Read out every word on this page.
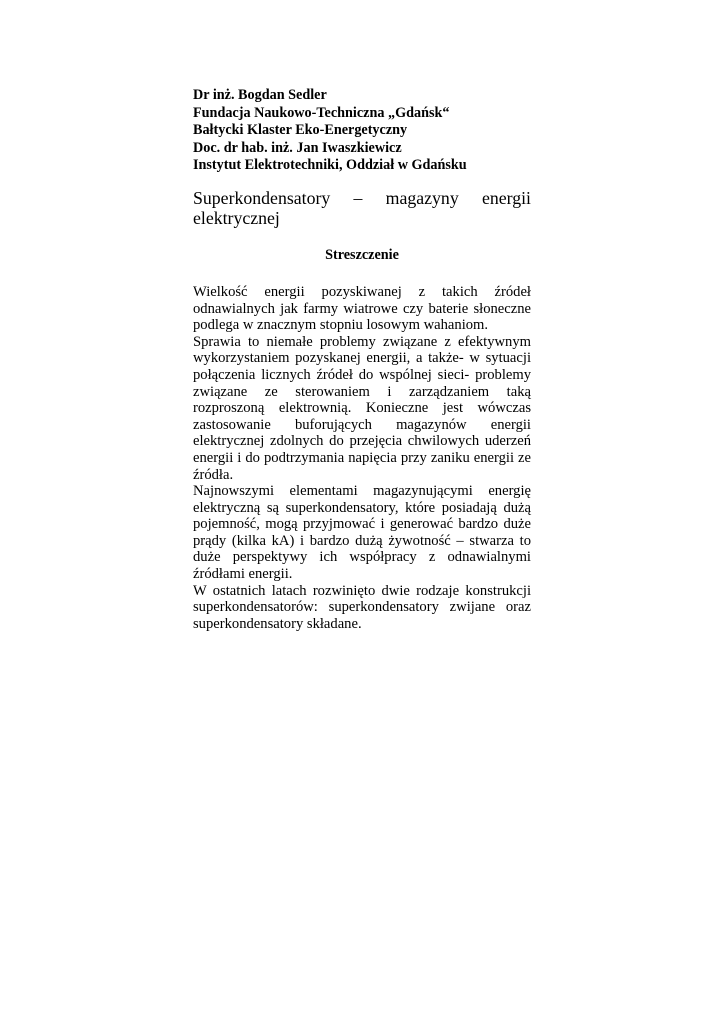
Dr inż. Bogdan Sedler
Fundacja Naukowo-Techniczna „Gdańsk“
Bałtycki Klaster Eko-Energetyczny
Doc. dr hab. inż. Jan Iwaszkiewicz
Instytut Elektrotechniki, Oddział w Gdańsku
Superkondensatory – magazyny energii
elektrycznej
Streszczenie

Wielkość energii pozyskiwanej z takich źródeł odnawialnych jak farmy wiatrowe czy baterie słoneczne podlega w znacznym stopniu losowym wahaniom.

Sprawia to niemałe problemy związane z efektywnym wykorzystaniem pozyskanej energii, a także- w sytuacji połączenia licznych źródeł do wspólnej sieci- problemy związane ze sterowaniem i zarządzaniem taką rozproszoną elektrownią. Konieczne jest wówczas zastosowanie buforujących magazynów energii elektrycznej zdolnych do przejęcia chwilowych uderzeń energii i do podtrzymania napięcia przy zaniku energii ze źródła.

Najnowszymi elementami magazynującymi energię elektryczną są superkondensatory, które posiadają dużą pojemność, mogą przyjmować i generować bardzo duże prądy (kilka kA) i bardzo dużą żywotność – stwarza to duże perspektywy ich współpracy z odnawialnymi źródłami energii.

W ostatnich latach rozwinięto dwie rodzaje konstrukcji superkondensatorów: superkondensatory zwijane oraz superkondensatory składane.
